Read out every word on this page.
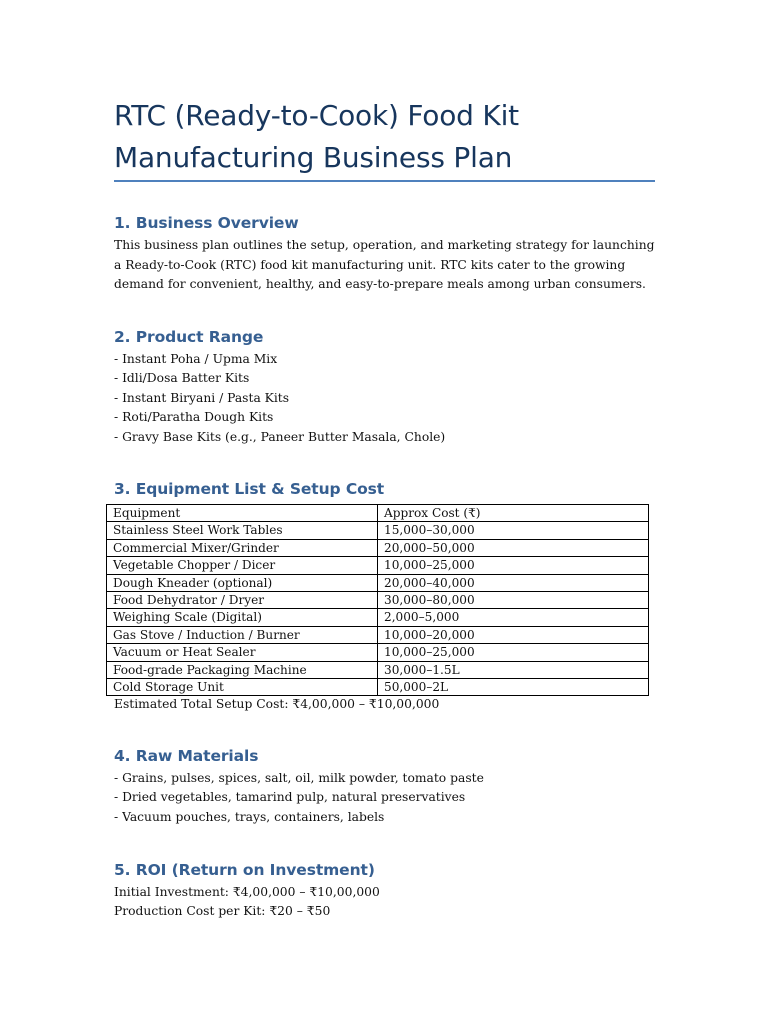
RTC (Ready-to-Cook) Food Kit
Manufacturing Business Plan
1. Business Overview
This business plan outlines the setup, operation, and marketing strategy for launching a Ready-to-Cook (RTC) food kit manufacturing unit. RTC kits cater to the growing demand for convenient, healthy, and easy-to-prepare meals among urban consumers.
2. Product Range
- Instant Poha / Upma Mix
- Idli/Dosa Batter Kits
- Instant Biryani / Pasta Kits
- Roti/Paratha Dough Kits
- Gravy Base Kits (e.g., Paneer Butter Masala, Chole)
3. Equipment List & Setup Cost
Equipment	Approx Cost (₹)
Stainless Steel Work Tables	15,000–30,000
Commercial Mixer/Grinder	20,000–50,000
Vegetable Chopper / Dicer	10,000–25,000
Dough Kneader (optional)	20,000–40,000
Food Dehydrator / Dryer	30,000–80,000
Weighing Scale (Digital)	2,000–5,000
Gas Stove / Induction / Burner	10,000–20,000
Vacuum or Heat Sealer	10,000–25,000
Food-grade Packaging Machine	30,000–1.5L
Cold Storage Unit	50,000–2L
Estimated Total Setup Cost: ₹4,00,000 – ₹10,00,000
4. Raw Materials
- Grains, pulses, spices, salt, oil, milk powder, tomato paste
- Dried vegetables, tamarind pulp, natural preservatives
- Vacuum pouches, trays, containers, labels
5. ROI (Return on Investment)
Initial Investment: ₹4,00,000 – ₹10,00,000
Production Cost per Kit: ₹20 – ₹50
